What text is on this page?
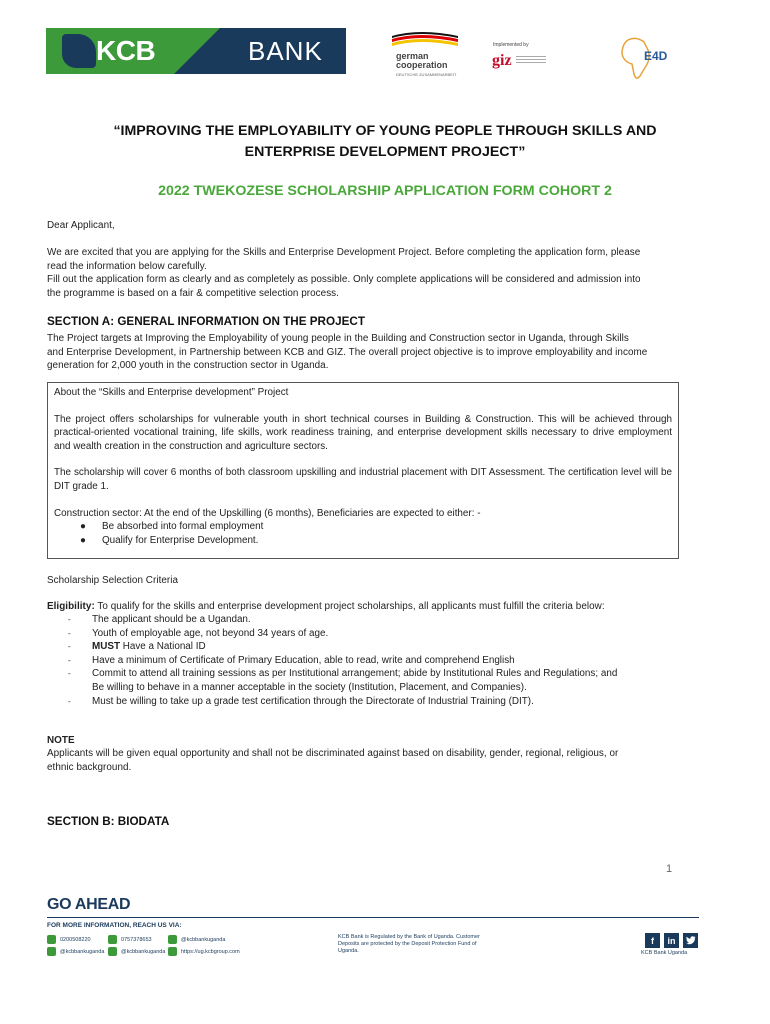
KCB	BANK	german
cooperation
DEUTSCHE ZUSAMMENARBEIT
Implemented by
giz	E4D
“IMPROVING THE EMPLOYABILITY OF YOUNG PEOPLE THROUGH SKILLS AND
ENTERPRISE DEVELOPMENT PROJECT”
2022 TWEKOZESE SCHOLARSHIP APPLICATION FORM COHORT 2
Dear Applicant,
We are excited that you are applying for the Skills and Enterprise Development Project. Before completing the application form, please
read the information below carefully.
Fill out the application form as clearly and as completely as possible. Only complete applications will be considered and admission into
the programme is based on a fair & competitive selection process.
SECTION A: GENERAL INFORMATION ON THE PROJECT
The Project targets at Improving the Employability of young people in the Building and Construction sector in Uganda, through Skills
and Enterprise Development, in Partnership between KCB and GIZ. The overall project objective is to improve employability and income
generation for 2,000 youth in the construction sector in Uganda.
About the “Skills and Enterprise development” Project
The project offers scholarships for vulnerable youth in short technical courses in Building & Construction. This will be achieved through practical-oriented vocational training, life skills, work readiness training, and enterprise development skills necessary to drive employment and wealth creation in the construction and agriculture sectors.
The scholarship will cover 6 months of both classroom upskilling and industrial placement with DIT Assessment. The certification level will be DIT grade 1.
Construction sector: At the end of the Upskilling (6 months), Beneficiaries are expected to either: -
●	Be absorbed into formal employment
●	Qualify for Enterprise Development.
Scholarship Selection Criteria
Eligibility: To qualify for the skills and enterprise development project scholarships, all applicants must fulfill the criteria below:
-	The applicant should be a Ugandan.
-	Youth of employable age, not beyond 34 years of age.
-	MUST Have a National ID
-	Have a minimum of Certificate of Primary Education, able to read, write and comprehend English
-	Commit to attend all training sessions as per Institutional arrangement; abide by Institutional Rules and Regulations; and
Be willing to behave in a manner acceptable in the society (Institution, Placement, and Companies).
-	Must be willing to take up a grade test certification through the Directorate of Industrial Training (DIT).
NOTE
Applicants will be given equal opportunity and shall not be discriminated against based on disability, gender, regional, religious, or
ethnic background.
SECTION B: BIODATA
1
GO AHEAD
FOR MORE INFORMATION, REACH US VIA:
0200508220	0757378653	@kcbbankuganda
@kcbbankuganda	@kcbbankuganda	https://ug.kcbgroup.com
KCB Bank is Regulated by the Bank of Uganda. Customer Deposits are protected by the Deposit Protection Fund of Uganda.
f in
KCB Bank Uganda
